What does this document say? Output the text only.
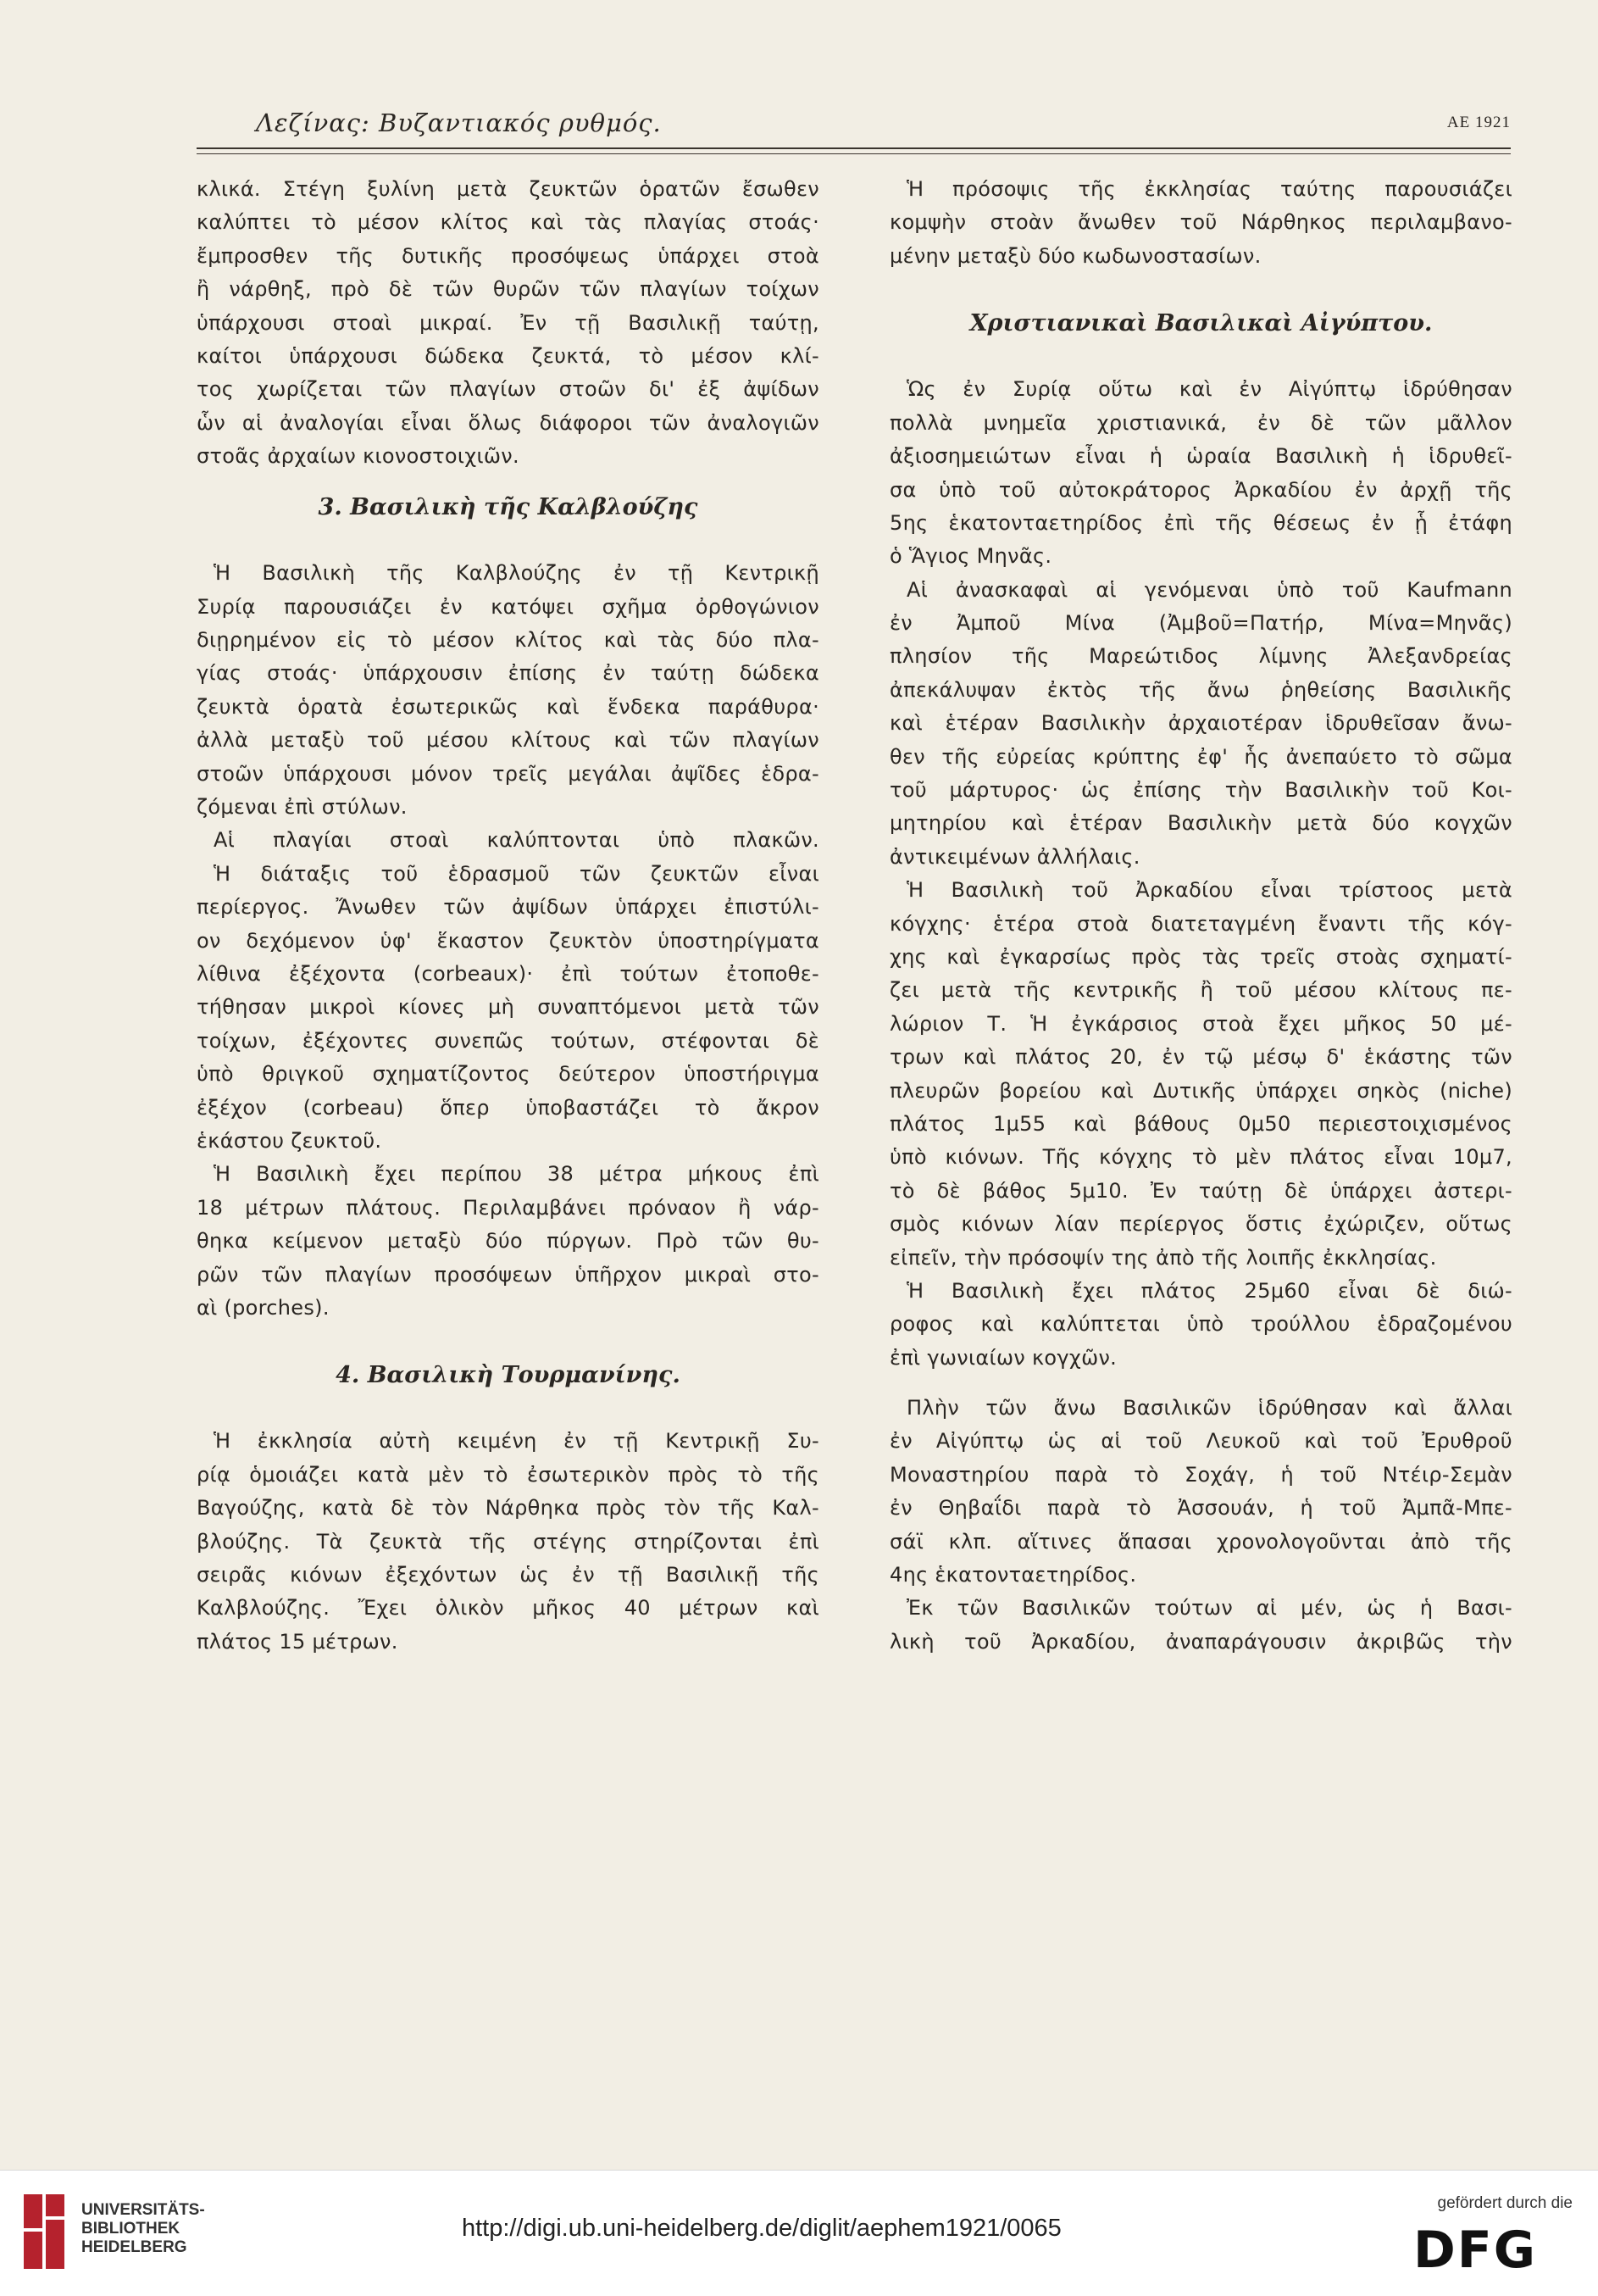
Λεζίνας: Βυζαντιακός ρυθμός.	ΑΕ 1921
κλικά. Στέγη ξυλίνη μετὰ ζευκτῶν ὁρατῶν ἔσωθεν
καλύπτει τὸ μέσον κλίτος καὶ τὰς πλαγίας στοάς·
ἔμπροσθεν τῆς δυτικῆς προσόψεως ὑπάρχει στοὰ
ἢ νάρθηξ, πρὸ δὲ τῶν θυρῶν τῶν πλαγίων τοίχων
ὑπάρχουσι στοαὶ μικραί. Ἐν τῇ Βασιλικῇ ταύτῃ,
καίτοι ὑπάρχουσι δώδεκα ζευκτά, τὸ μέσον κλί-
τος χωρίζεται τῶν πλαγίων στοῶν δι' ἐξ ἀψίδων
ὧν αἱ ἀναλογίαι εἶναι ὅλως διάφοροι τῶν ἀναλογιῶν
στοᾶς ἀρχαίων κιονοστοιχιῶν.
3. Βασιλικὴ τῆς Καλβλούζης
Ἡ Βασιλικὴ τῆς Καλβλούζης ἐν τῇ Κεντρικῇ
Συρίᾳ παρουσιάζει ἐν κατόψει σχῆμα ὀρθογώνιον
διῃρημένον εἰς τὸ μέσον κλίτος καὶ τὰς δύο πλα-
γίας στοάς· ὑπάρχουσιν ἐπίσης ἐν ταύτῃ δώδεκα
ζευκτὰ ὁρατὰ ἐσωτερικῶς καὶ ἕνδεκα παράθυρα·
ἀλλὰ μεταξὺ τοῦ μέσου κλίτους καὶ τῶν πλαγίων
στοῶν ὑπάρχουσι μόνον τρεῖς μεγάλαι ἀψῖδες ἑδρα-
ζόμεναι ἐπὶ στύλων.
Αἱ πλαγίαι στοαὶ καλύπτονται ὑπὸ πλακῶν.
Ἡ διάταξις τοῦ ἑδρασμοῦ τῶν ζευκτῶν εἶναι
περίεργος. Ἄνωθεν τῶν ἀψίδων ὑπάρχει ἐπιστύλι-
ον δεχόμενον ὑφ' ἕκαστον ζευκτὸν ὑποστηρίγματα
λίθινα ἐξέχοντα (corbeaux)· ἐπὶ τούτων ἐτοποθε-
τήθησαν μικροὶ κίονες μὴ συναπτόμενοι μετὰ τῶν
τοίχων, ἐξέχοντες συνεπῶς τούτων, στέφονται δὲ
ὑπὸ θριγκοῦ σχηματίζοντος δεύτερον ὑποστήριγμα
ἐξέχον (corbeau) ὅπερ ὑποβαστάζει τὸ ἄκρον
ἑκάστου ζευκτοῦ.
Ἡ Βασιλικὴ ἔχει περίπου 38 μέτρα μήκους ἐπὶ
18 μέτρων πλάτους. Περιλαμβάνει πρόναον ἢ νάρ-
θηκα κείμενον μεταξὺ δύο πύργων. Πρὸ τῶν θυ-
ρῶν τῶν πλαγίων προσόψεων ὑπῆρχον μικραὶ στο-
αὶ (porches).
4. Βασιλικὴ Τουρμανίνης.
Ἡ ἐκκλησία αὐτὴ κειμένη ἐν τῇ Κεντρικῇ Συ-
ρίᾳ ὁμοιάζει κατὰ μὲν τὸ ἐσωτερικὸν πρὸς τὸ τῆς
Βαγούζης, κατὰ δὲ τὸν Νάρθηκα πρὸς τὸν τῆς Καλ-
βλούζης. Τὰ ζευκτὰ τῆς στέγης στηρίζονται ἐπὶ
σειρᾶς κιόνων ἐξεχόντων ὡς ἐν τῇ Βασιλικῇ τῆς
Καλβλούζης. Ἔχει ὁλικὸν μῆκος 40 μέτρων καὶ
πλάτος 15 μέτρων.
Ἡ πρόσοψις τῆς ἐκκλησίας ταύτης παρουσιάζει
κομψὴν στοὰν ἄνωθεν τοῦ Νάρθηκος περιλαμβανο-
μένην μεταξὺ δύο κωδωνοστασίων.
Χριστιανικαὶ Βασιλικαὶ Αἰγύπτου.
Ὡς ἐν Συρίᾳ οὕτω καὶ ἐν Αἰγύπτῳ ἱδρύθησαν
πολλὰ μνημεῖα χριστιανικά, ἐν δὲ τῶν μᾶλλον
ἀξιοσημειώτων εἶναι ἡ ὡραία Βασιλικὴ ἡ ἱδρυθεῖ-
σα ὑπὸ τοῦ αὐτοκράτορος Ἀρκαδίου ἐν ἀρχῇ τῆς
5ης ἑκατονταετηρίδος ἐπὶ τῆς θέσεως ἐν ᾗ ἐτάφη
ὁ Ἅγιος Μηνᾶς.
Αἱ ἀνασκαφαὶ αἱ γενόμεναι ὑπὸ τοῦ Kaufmann
ἐν Ἀμποῦ Μίνα (Ἀμβοῦ=Πατήρ, Μίνα=Μηνᾶς)
πλησίον τῆς Μαρεώτιδος λίμνης Ἀλεξανδρείας
ἀπεκάλυψαν ἐκτὸς τῆς ἄνω ῥηθείσης Βασιλικῆς
καὶ ἑτέραν Βασιλικὴν ἀρχαιοτέραν ἱδρυθεῖσαν ἄνω-
θεν τῆς εὐρείας κρύπτης ἐφ' ἧς ἀνεπαύετο τὸ σῶμα
τοῦ μάρτυρος· ὡς ἐπίσης τὴν Βασιλικὴν τοῦ Κοι-
μητηρίου καὶ ἑτέραν Βασιλικὴν μετὰ δύο κογχῶν
ἀντικειμένων ἀλλήλαις.
Ἡ Βασιλικὴ τοῦ Ἀρκαδίου εἶναι τρίστοος μετὰ
κόγχης· ἑτέρα στοὰ διατεταγμένη ἔναντι τῆς κόγ-
χης καὶ ἐγκαρσίως πρὸς τὰς τρεῖς στοὰς σχηματί-
ζει μετὰ τῆς κεντρικῆς ἢ τοῦ μέσου κλίτους πε-
λώριον Τ. Ἡ ἐγκάρσιος στοὰ ἔχει μῆκος 50 μέ-
τρων καὶ πλάτος 20, ἐν τῷ μέσῳ δ' ἑκάστης τῶν
πλευρῶν βορείου καὶ Δυτικῆς ὑπάρχει σηκὸς (niche)
πλάτος 1μ55 καὶ βάθους 0μ50 περιεστοιχισμένος
ὑπὸ κιόνων. Τῆς κόγχης τὸ μὲν πλάτος εἶναι 10μ7,
τὸ δὲ βάθος 5μ10. Ἐν ταύτῃ δὲ ὑπάρχει ἀστερι-
σμὸς κιόνων λίαν περίεργος ὅστις ἐχώριζεν, οὕτως
εἰπεῖν, τὴν πρόσοψίν της ἀπὸ τῆς λοιπῆς ἐκκλησίας.
Ἡ Βασιλικὴ ἔχει πλάτος 25μ60 εἶναι δὲ διώ-
ροφος καὶ καλύπτεται ὑπὸ τρούλλου ἑδραζομένου
ἐπὶ γωνιαίων κογχῶν.
Πλὴν τῶν ἄνω Βασιλικῶν ἱδρύθησαν καὶ ἄλλαι
ἐν Αἰγύπτῳ ὡς αἱ τοῦ Λευκοῦ καὶ τοῦ Ἐρυθροῦ
Μοναστηρίου παρὰ τὸ Σοχάγ, ἡ τοῦ Ντέιρ-Σεμὰν
ἐν Θηβαΐδι παρὰ τὸ Ἀσσουάν, ἡ τοῦ Ἀμπᾶ-Μπε-
σάϊ κλπ. αἵτινες ἅπασαι χρονολογοῦνται ἀπὸ τῆς
4ης ἑκατονταετηρίδος.
Ἐκ τῶν Βασιλικῶν τούτων αἱ μέν, ὡς ἡ Βασι-
λικὴ τοῦ Ἀρκαδίου, ἀναπαράγουσιν ἀκριβῶς τὴν
UNIVERSITÄTS-
BIBLIOTHEK
HEIDELBERG
http://digi.ub.uni-heidelberg.de/diglit/aephem1921/0065
gefördert durch die
DFG
